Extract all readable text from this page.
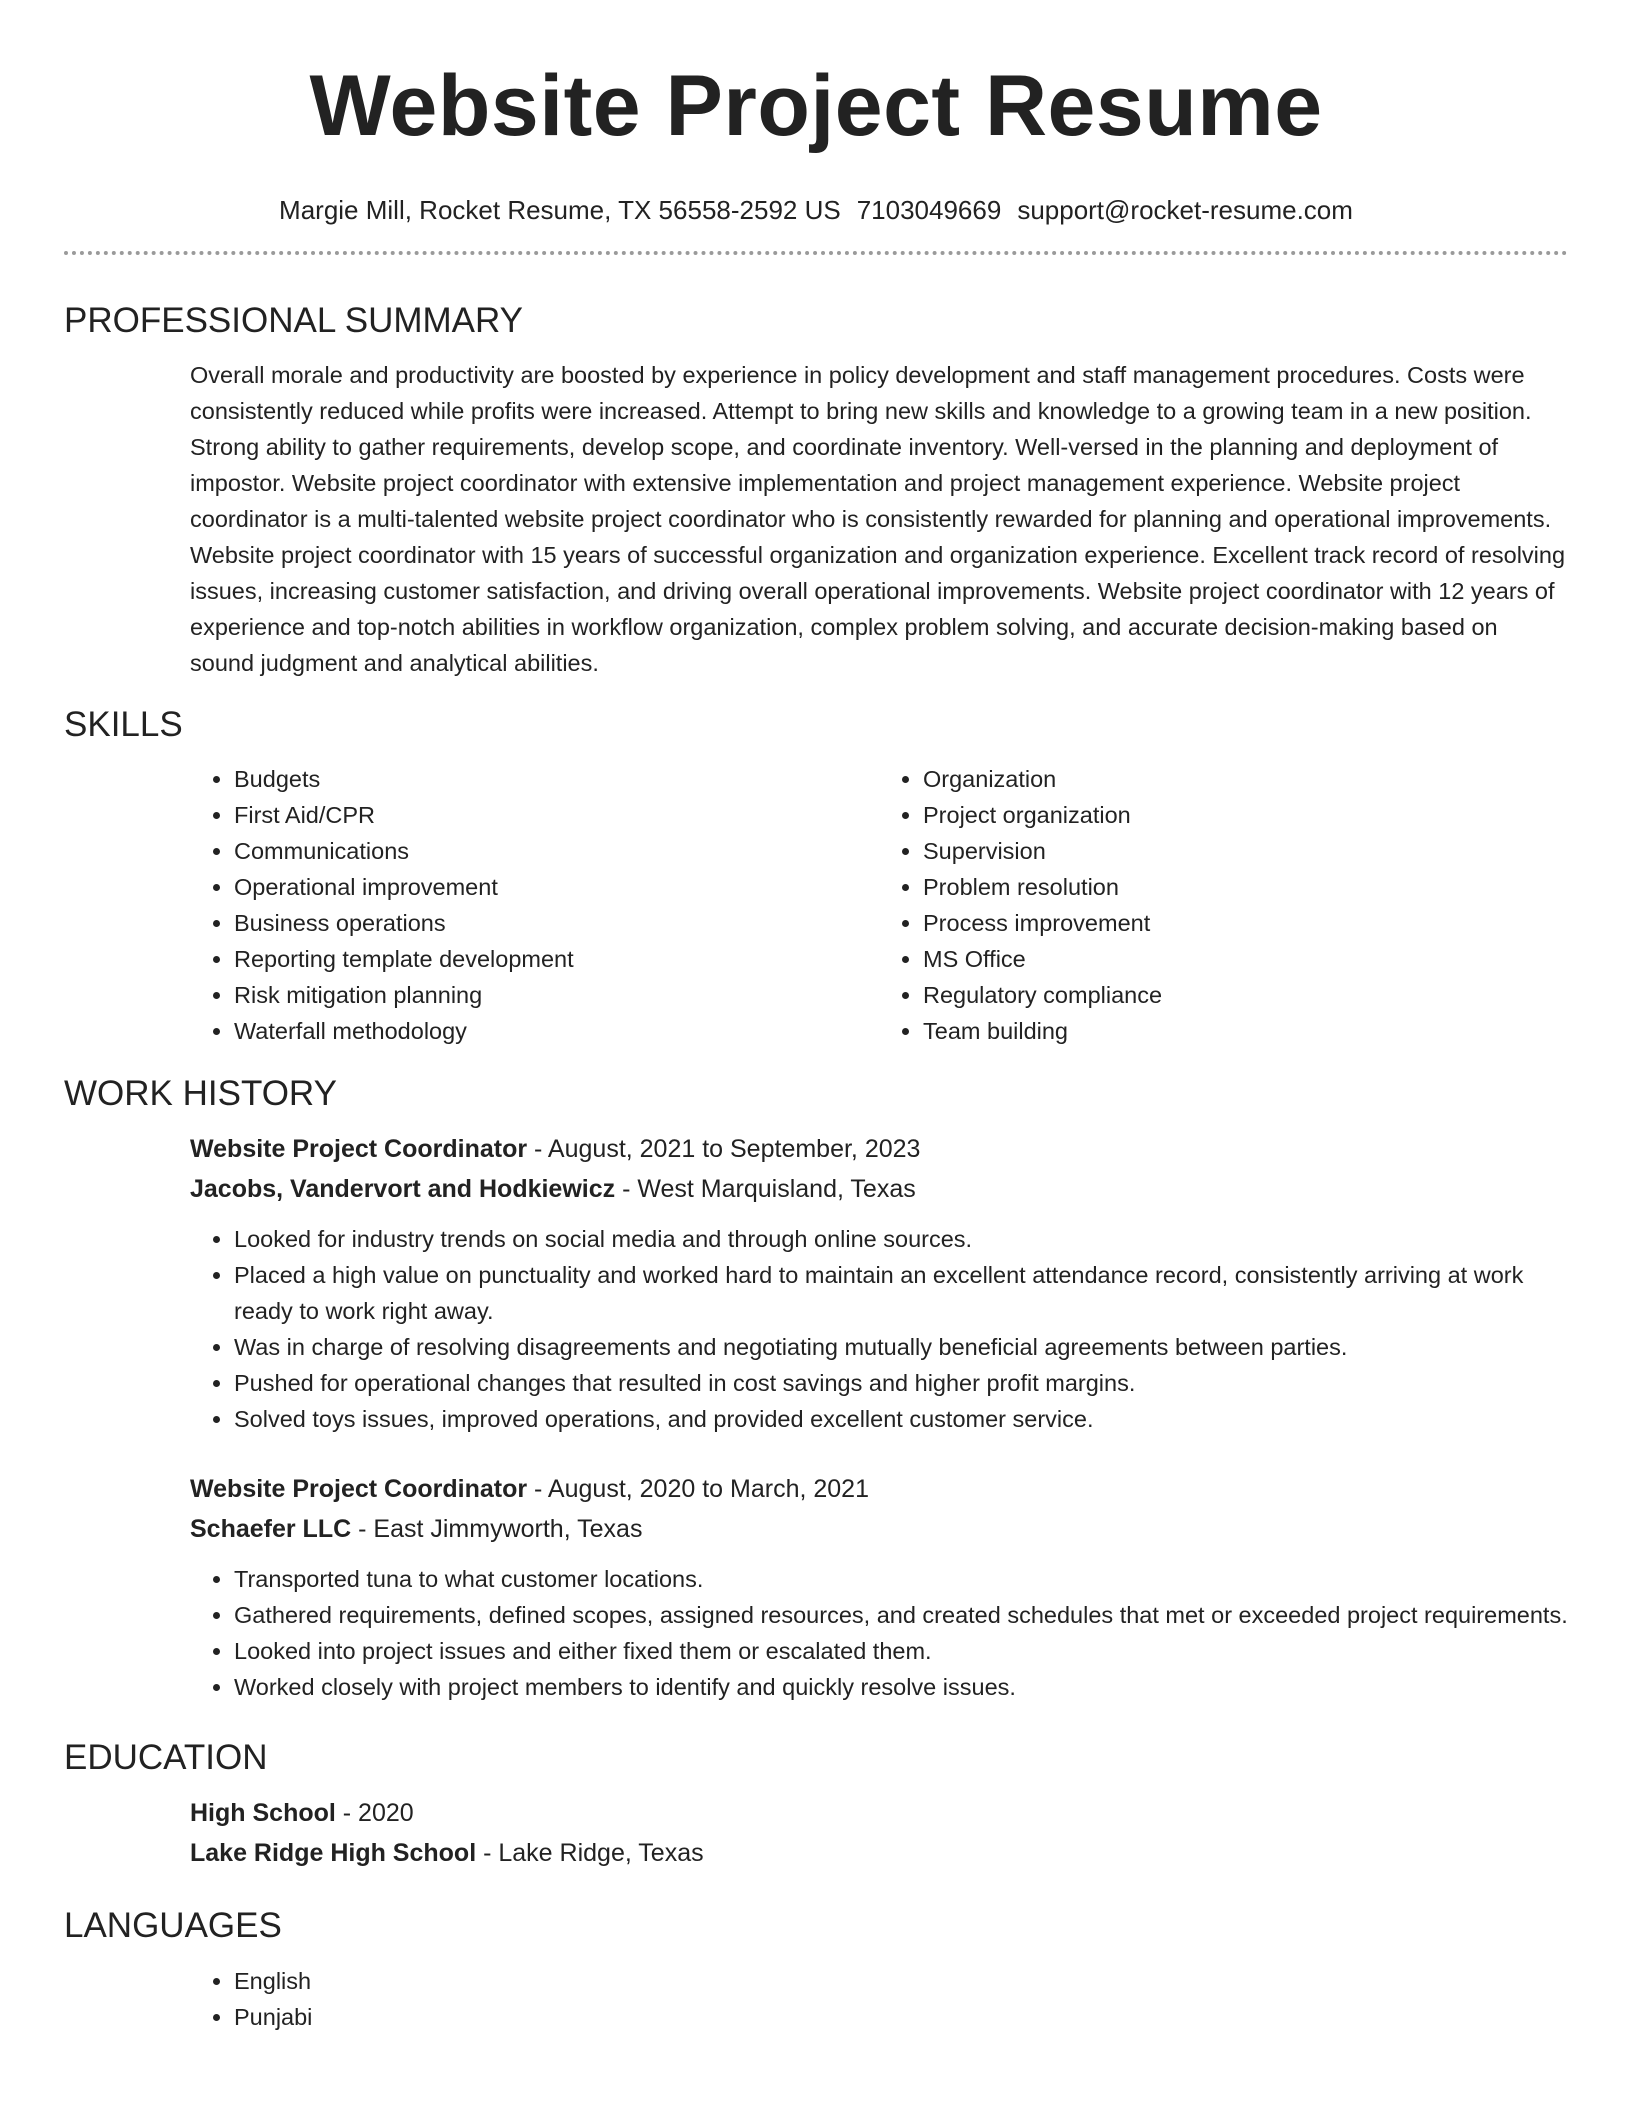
Website Project Resume
Margie Mill, Rocket Resume, TX 56558-2592 US 7103049669 support@rocket-resume.com
PROFESSIONAL SUMMARY

Overall morale and productivity are boosted by experience in policy development and staff management procedures. Costs were consistently reduced while profits were increased. Attempt to bring new skills and knowledge to a growing team in a new position. Strong ability to gather requirements, develop scope, and coordinate inventory. Well-versed in the planning and deployment of impostor. Website project coordinator with extensive implementation and project management experience. Website project coordinator is a multi-talented website project coordinator who is consistently rewarded for planning and operational improvements. Website project coordinator with 15 years of successful organization and organization experience. Excellent track record of resolving issues, increasing customer satisfaction, and driving overall operational improvements. Website project coordinator with 12 years of experience and top-notch abilities in workflow organization, complex problem solving, and accurate decision-making based on sound judgment and analytical abilities.

SKILLS
• Budgets
• First Aid/CPR
• Communications
• Operational improvement
• Business operations
• Reporting template development
• Risk mitigation planning
• Waterfall methodology
• Organization
• Project organization
• Supervision
• Problem resolution
• Process improvement
• MS Office
• Regulatory compliance
• Team building
WORK HISTORY
Website Project Coordinator - August, 2021 to September, 2023
Jacobs, Vandervort and Hodkiewicz - West Marquisland, Texas
• Looked for industry trends on social media and through online sources.
• Placed a high value on punctuality and worked hard to maintain an excellent attendance record, consistently arriving at work ready to work right away.
• Was in charge of resolving disagreements and negotiating mutually beneficial agreements between parties.
• Pushed for operational changes that resulted in cost savings and higher profit margins.
• Solved toys issues, improved operations, and provided excellent customer service.
Website Project Coordinator - August, 2020 to March, 2021
Schaefer LLC - East Jimmyworth, Texas
• Transported tuna to what customer locations.
• Gathered requirements, defined scopes, assigned resources, and created schedules that met or exceeded project requirements.
• Looked into project issues and either fixed them or escalated them.
• Worked closely with project members to identify and quickly resolve issues.
EDUCATION
High School - 2020
Lake Ridge High School - Lake Ridge, Texas
LANGUAGES
• English
• Punjabi
